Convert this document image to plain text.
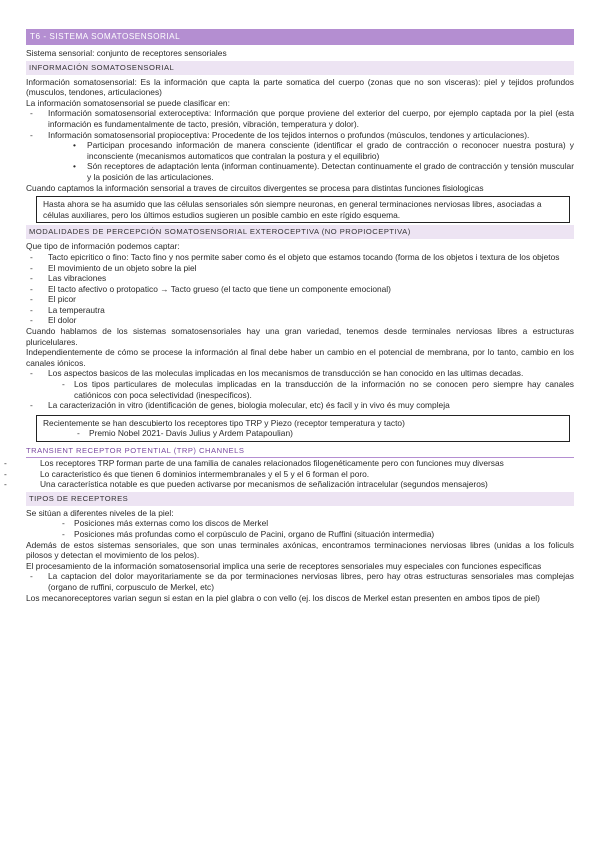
T6 - SISTEMA SOMATOSENSORIAL

Sistema sensorial: conjunto de receptores sensoriales

INFORMACIÓN SOMATOSENSORIAL

Información somatosensorial: Es la información que capta la parte somatica del cuerpo (zonas que no son visceras): piel y tejidos profundos (musculos, tendones, articulaciones)

La información somatosensorial se puede clasificar en:

- Información somatosensorial exteroceptiva: Información que porque proviene del exterior del cuerpo, por ejemplo captada por la piel (esta información es fundamentalmente de tacto, presión, vibración, temperatura y dolor).
- Información somatosensorial propioceptiva: Procedente de los tejidos internos o profundos (músculos, tendones y articulaciones).
• Participan procesando información de manera consciente (identificar el grado de contracción o reconocer nuestra postura) y inconsciente (mecanismos automaticos que contralan la postura y el equilibrio)
• Són receptores de adaptación lenta (informan continuamente). Detectan continuamente el grado de contracción y tensión muscular y la posición de las articulaciones.

Cuando captamos la información sensorial a traves de circuitos divergentes se procesa para distintas funciones fisiologicas

Hasta ahora se ha asumido que las células sensoriales són siempre neuronas, en general terminaciones nerviosas libres, asociadas a células auxiliares, pero los últimos estudios sugieren un posible cambio en este rígido esquema.

MODALIDADES DE PERCEPCIÓN SOMATOSENSORIAL EXTEROCEPTIVA (NO PROPIOCEPTIVA)

Que tipo de información podemos captar:

- Tacto epicritico o fino: Tacto fino y nos permite saber como és el objeto que estamos tocando (forma de los objetos i textura de los objetos
- El movimiento de un objeto sobre la piel
- Las vibraciones
- El tacto afectivo o protopatico → Tacto grueso (el tacto que tiene un componente emocional)
- El picor
- La temperautra
- El dolor

Cuando hablamos de los sistemas somatosensoriales hay una gran variedad, tenemos desde terminales nerviosas libres a estructuras pluricelulares.

Independientemente de cómo se procese la información al final debe haber un cambio en el potencial de membrana, por lo tanto, cambio en los canales iónicos.

- Los aspectos basicos de las moleculas implicadas en los mecanismos de transducción se han conocido en las ultimas decadas.
- Los tipos particulares de moleculas implicadas en la transducción de la información no se conocen pero siempre hay canales catiónicos con poca selectividad (inespecificos).
- La caracterización in vitro (identificación de genes, biologia molecular, etc) és facil y in vivo és muy compleja

Recientemente se han descubierto los receptores tipo TRP y Piezo (receptor temperatura y tacto)

- Premio Nobel 2021- Davis Julius y Ardem Patapoulian)
TRANSIENT RECEPTOR POTENTIAL (TRP) CHANNELS
-	Los receptores TRP forman parte de una familia de canales relacionados filogenéticamente pero con funciones muy diversas
-	Lo caracteristico és que tienen 6 dominios intermembranales y el 5 y el 6 forman el poro.
-	Una característica notable es que pueden activarse por mecanismos de señalización intracelular (segundos mensajeros)
TIPOS DE RECEPTORES

Se sitúan a diferentes niveles de la piel:

- Posiciones más externas como los discos de Merkel
- Posiciones más profundas como el corpúsculo de Pacini, organo de Ruffini (situación intermedia)

Además de estos sistemas sensoriales, que son unas terminales axónicas, encontramos terminaciones nerviosas libres (unidas a los foliculs pilosos y detectan el movimiento de los pelos).

El procesamiento de la información somatosensorial implica una serie de receptores sensoriales muy especiales con funciones especificas

- La captacion del dolor mayoritariamente se da por terminaciones nerviosas libres, pero hay otras estructuras sensoriales mas complejas (organo de ruffini, corpusculo de Merkel, etc)

Los mecanoreceptores varian segun si estan en la piel glabra o con vello (ej. los discos de Merkel estan presenten en ambos tipos de piel)
